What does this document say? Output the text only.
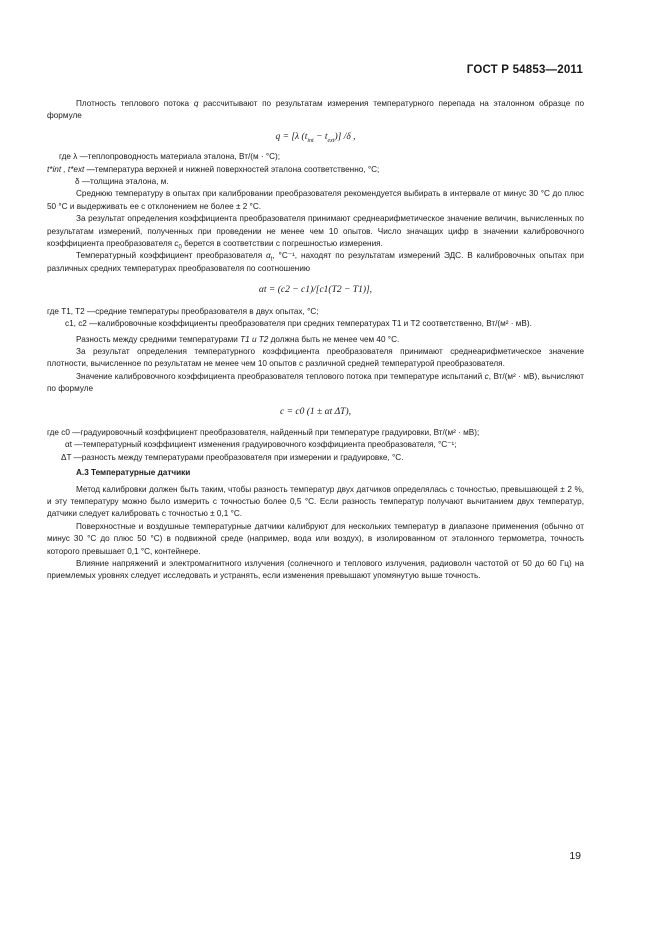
ГОСТ Р 54853—2011

Плотность теплового потока q рассчитывают по результатам измерения температурного перепада на эталонном образце по формуле

q = [λ $(t_{int} - t_{ext})$] /δ ,
где λ — теплопроводность материала эталона, Вт/(м · °С);
t*int , t*ext — температура верхней и нижней поверхностей эталона соответственно, °С;
δ — толщина эталона, м.

Среднюю температуру в опытах при калибровании преобразователя рекомендуется выбирать в интервале от минус 30 °С до плюс 50 °С и выдерживать ее с отклонением не более ± 2 °С.

За результат определения коэффициента преобразователя принимают среднеарифметическое значение величин, вычисленных по результатам измерений, полученных при проведении не менее чем 10 опытов. Число значащих цифр в значении калибровочного коэффициента преобразователя $c_0$ берется в соответствии с погрешностью измерения.

Температурный коэффициент преобразователя $\alpha_t$, °С⁻¹, находят по результатам измерений ЭДС. В калибровочных опытах при различных средних температурах преобразователя по соотношению

αt = (c2 − c1)/[c1(T2 − T1)],
где T1, T2 — средние температуры преобразователя в двух опытах, °С;
c1, c2 — калибровочные коэффициенты преобразователя при средних температурах T1 и T2 соответственно, Вт/(м² · мВ).

Разность между средними температурами T1 и T2 должна быть не менее чем 40 °С.

За результат определения температурного коэффициента преобразователя принимают среднеарифметическое значение плотности, вычисленное по результатам не менее чем 10 опытов с различной средней температурой преобразователя.

Значение калибровочного коэффициента преобразователя теплового потока при температуре испытаний c, Вт/(м² · мВ), вычисляют по формуле

c = c0 (1 ± αt ΔT),
где c0 — градуировочный коэффициент преобразователя, найденный при температуре градуировки, Вт/(м² · мВ);
αt — температурный коэффициент изменения градуировочного коэффициента преобразователя, °С⁻¹;
ΔT — разность между температурами преобразователя при измерении и градуировке, °С.
А.3 Температурные датчики

Метод калибровки должен быть таким, чтобы разность температур двух датчиков определялась с точностью, превышающей ± 2 %, и эту температуру можно было измерить с точностью более 0,5 °С. Если разность температур получают вычитанием двух температур, датчики следует калибровать с точностью ± 0,1 °С.

Поверхностные и воздушные температурные датчики калибруют для нескольких температур в диапазоне применения (обычно от минус 30 °С до плюс 50 °С) в подвижной среде (например, вода или воздух), в изолированном от эталонного термометра, точность которого превышает 0,1 °С, контейнере.

Влияние напряжений и электромагнитного излучения (солнечного и теплового излучения, радиоволн частотой от 50 до 60 Гц) на приемлемых уровнях следует исследовать и устранять, если изменения превышают упомянутую выше точность.

19
